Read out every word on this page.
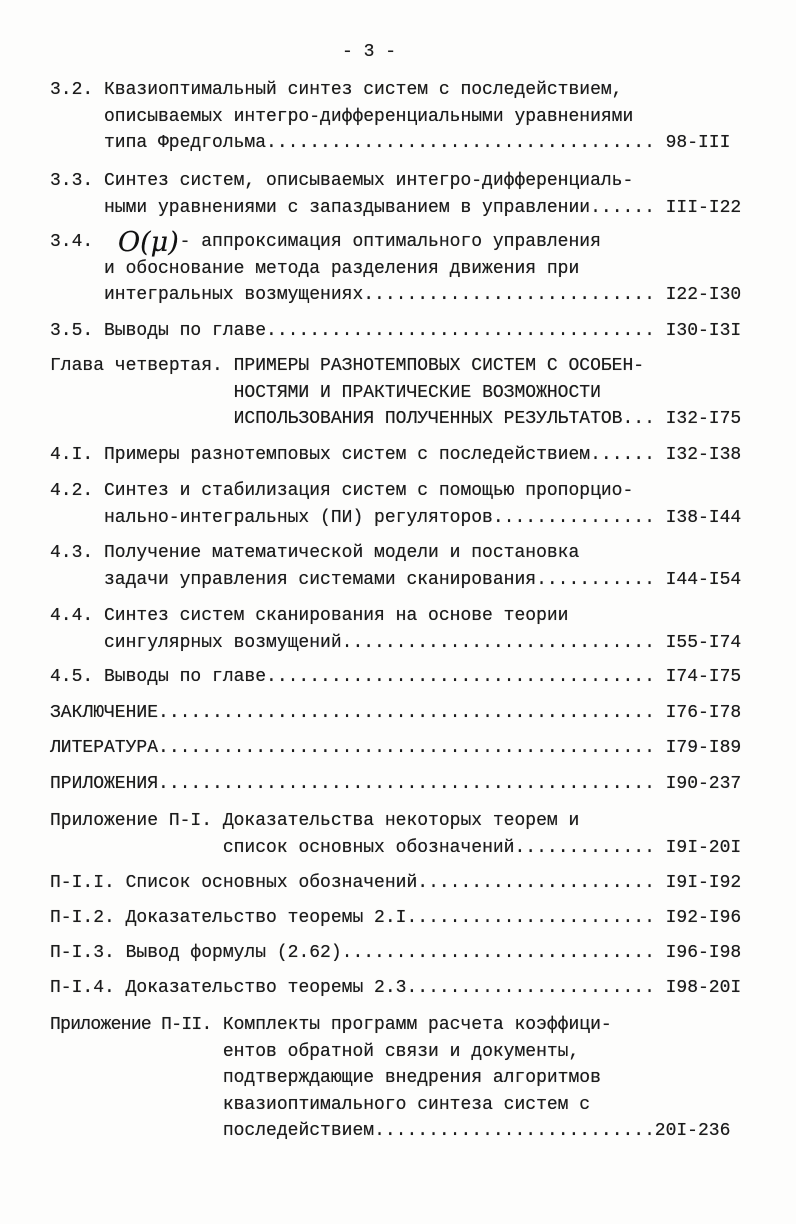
- 3 -
3.2. Квазиоптимальный синтез систем с последействием,
описываемых интегро-дифференциальными уравнениями
типа Фредгольма .....	98-III
3.3. Синтез систем, описываемых интегро-дифференциаль-
ными уравнениями с запаздыванием в управлении .....	III-I22
3.4. O(μ) - аппроксимация оптимального управления
и обоснование метода разделения движения при
интегральных возмущениях .....	I22-I30
3.5. Выводы по главе .....	I30-I3I
Глава четвертая. ПРИМЕРЫ РАЗНОТЕМПОВЫХ СИСТЕМ С ОСОБЕН-
НОСТЯМИ И ПРАКТИЧЕСКИЕ ВОЗМОЖНОСТИ
ИСПОЛЬЗОВАНИЯ ПОЛУЧЕННЫХ РЕЗУЛЬТАТОВ ..... I32-I75
4.I. Примеры разнотемповых систем с последействием .....	I32-I38
4.2. Синтез и стабилизация систем с помощью пропорцио-
нально-интегральных (ПИ) регуляторов .....	I38-I44
4.3. Получение математической модели и постановка
задачи управления системами сканирования .....	I44-I54
4.4. Синтез систем сканирования на основе теории
сингулярных возмущений .....	I55-I74
4.5. Выводы по главе .....	I74-I75
ЗАКЛЮЧЕНИЕ .....	I76-I78
ЛИТЕРАТУРА .....	I79-I89
ПРИЛОЖЕНИЯ .....	I90-237
Приложение П-I. Доказательства некоторых теорем и
список основных обозначений .....	I9I-20I
П-I.I. Список основных обозначений .....	I9I-I92
П-I.2. Доказательство теоремы 2.I .....	I92-I96
П-I.3. Вывод формулы (2.62) .....	I96-I98
П-I.4. Доказательство теоремы 2.3 .....	I98-20I
Приложение П-II. Комплекты программ расчета коэффици-
ентов обратной связи и документы,
подтверждающие внедрения алгоритмов
квазиоптимального синтеза систем с
последействием .....	20I-236
